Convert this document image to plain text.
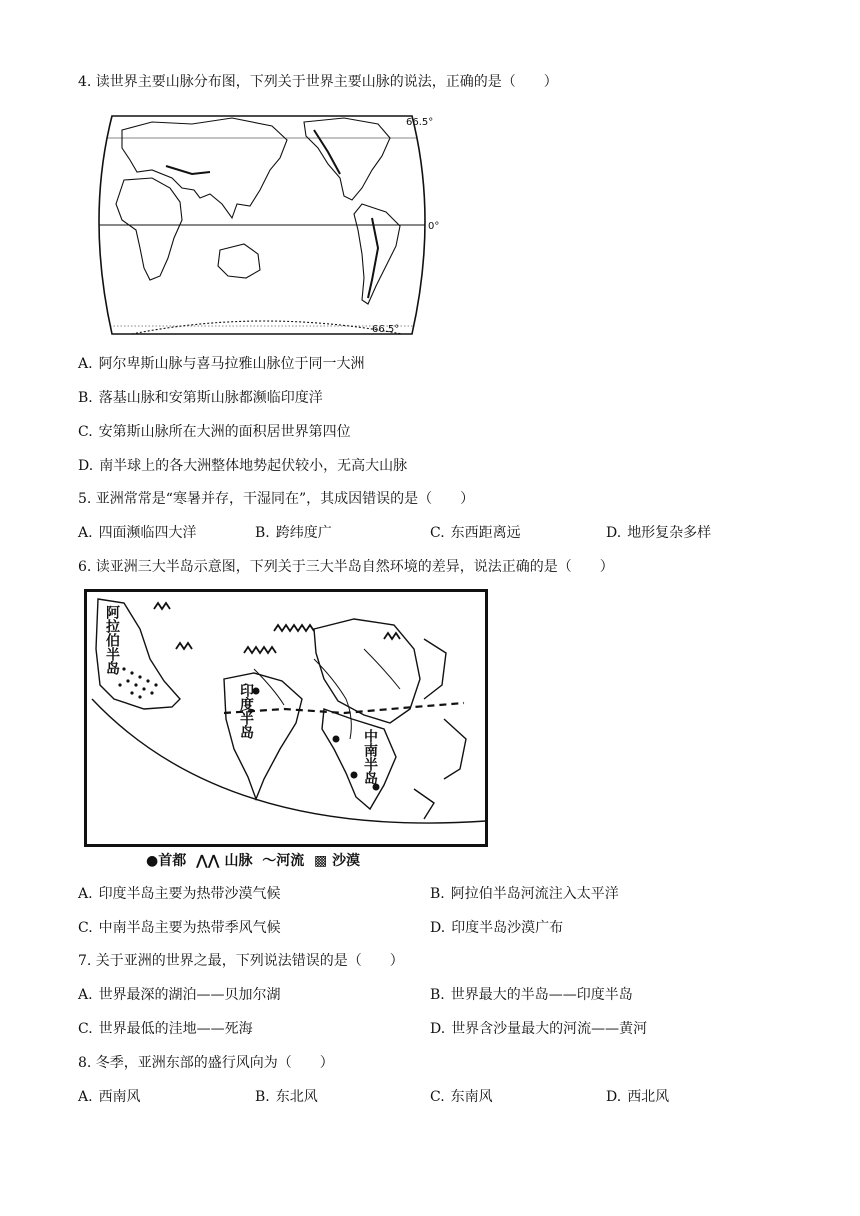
4. 读世界主要山脉分布图，下列关于世界主要山脉的说法，正确的是（　　）
66.5°
0°
66.5°
A. 阿尔卑斯山脉与喜马拉雅山脉位于同一大洲
B. 落基山脉和安第斯山脉都濒临印度洋
C. 安第斯山脉所在大洲的面积居世界第四位
D. 南半球上的各大洲整体地势起伏较小，无高大山脉
5. 亚洲常常是“寒暑并存，干湿同在”，其成因错误的是（　　）
A. 四面濒临四大洋	B. 跨纬度广	C. 东西距离远	D. 地形复杂多样
6. 读亚洲三大半岛示意图，下列关于三大半岛自然环境的差异，说法正确的是（　　）
阿拉伯半岛
印度半岛
中南半岛
●首都 ⋀⋀ 山脉 〜河流 ▩ 沙漠
A. 印度半岛主要为热带沙漠气候	B. 阿拉伯半岛河流注入太平洋
C. 中南半岛主要为热带季风气候	D. 印度半岛沙漠广布
7. 关于亚洲的世界之最，下列说法错误的是（　　）
A. 世界最深的湖泊——贝加尔湖	B. 世界最大的半岛——印度半岛
C. 世界最低的洼地——死海	D. 世界含沙量最大的河流——黄河
8. 冬季，亚洲东部的盛行风向为（　　）
A. 西南风	B. 东北风	C. 东南风	D. 西北风
